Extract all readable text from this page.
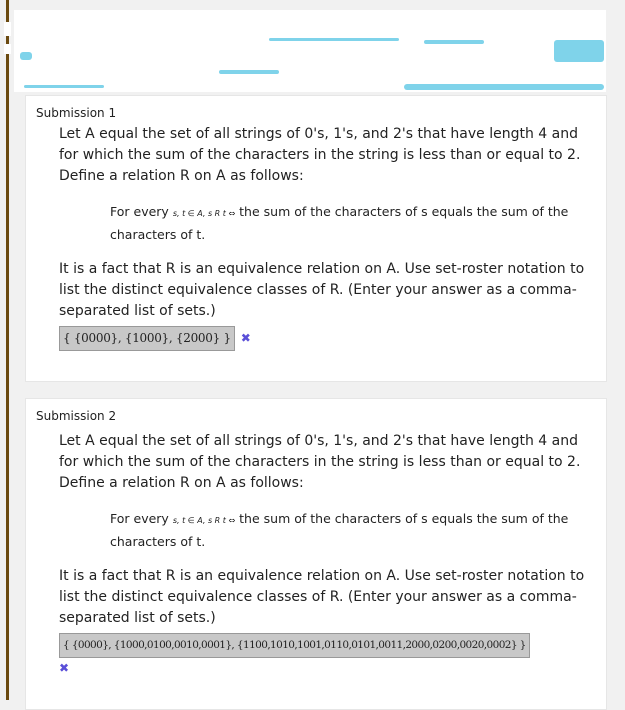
Submission 1

Let A equal the set of all strings of 0's, 1's, and 2's that have length 4 and for which the sum of the characters in the string is less than or equal to 2. Define a relation R on A as follows:

For every s, t ∈ A, s R t ⇔ the sum of the characters of s equals the sum of the characters of t.

It is a fact that R is an equivalence relation on A. Use set-roster notation to list the distinct equivalence classes of R. (Enter your answer as a comma-separated list of sets.)

{ {0000}, {1000}, {2000} } ✖
Submission 2

Let A equal the set of all strings of 0's, 1's, and 2's that have length 4 and for which the sum of the characters in the string is less than or equal to 2. Define a relation R on A as follows:

For every s, t ∈ A, s R t ⇔ the sum of the characters of s equals the sum of the characters of t.

It is a fact that R is an equivalence relation on A. Use set-roster notation to list the distinct equivalence classes of R. (Enter your answer as a comma-separated list of sets.)

{ {0000}, {1000,0100,0010,0001}, {1100,1010,1001,0110,0101,0011,2000,0200,0020,0002} }
✖
